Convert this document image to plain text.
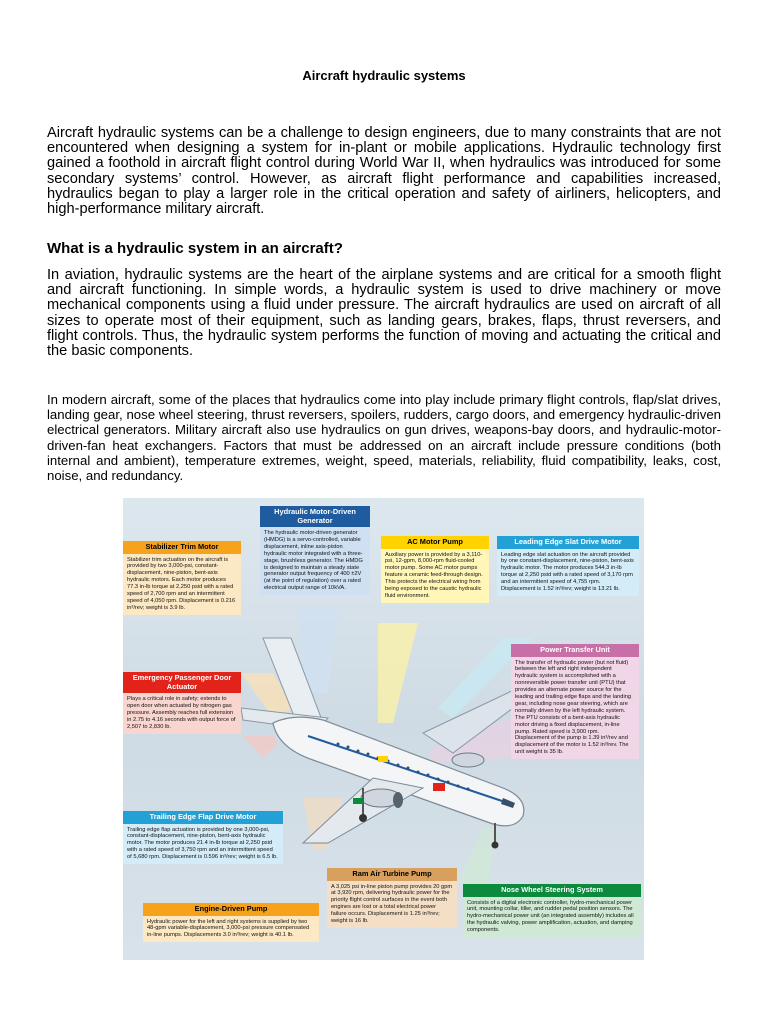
Aircraft hydraulic systems

Aircraft hydraulic systems can be a challenge to design engineers, due to many constraints that are not encountered when designing a system for in-plant or mobile applications. Hydraulic technology first gained a foothold in aircraft flight control during World War II, when hydraulics was introduced for some secondary systems’ control. However, as aircraft flight performance and capabilities increased, hydraulics began to play a larger role in the critical operation and safety of airliners, helicopters, and high-performance military aircraft.

What is a hydraulic system in an aircraft?

In aviation, hydraulic systems are the heart of the airplane systems and are critical for a smooth flight and aircraft functioning. In simple words, a hydraulic system is used to drive machinery or move mechanical components using a fluid under pressure. The aircraft hydraulics are used on aircraft of all sizes to operate most of their equipment, such as landing gears, brakes, flaps, thrust reversers, and flight controls. Thus, the hydraulic system performs the function of moving and actuating the critical and the basic components.

In modern aircraft, some of the places that hydraulics come into play include primary flight controls, flap/slat drives, landing gear, nose wheel steering, thrust reversers, spoilers, rudders, cargo doors, and emergency hydraulic-driven electrical generators. Military aircraft also use hydraulics on gun drives, weapons-bay doors, and hydraulic-motor-driven-fan heat exchangers. Factors that must be addressed on an aircraft include pressure conditions (both internal and ambient), temperature extremes, weight, speed, materials, reliability, fluid compatibility, leaks, cost, noise, and redundancy.

Stabilizer Trim Motor
Stabilizer trim actuation on the aircraft is provided by two 3,000-psi, constant-displacement, nine-piston, bent-axis hydraulic motors. Each motor produces 77.3 in-lb torque at 2,250 psid with a rated speed of 2,700 rpm and an intermittent speed of 4,050 rpm. Displacement is 0.216 in³/rev; weight is 3.9 lb.
Hydraulic Motor-Driven Generator
The hydraulic motor-driven generator (HMDG) is a servo-controlled, variable displacement, inline axis-piston hydraulic motor integrated with a three-stage, brushless generator. The HMDG is designed to maintain a steady state generator output frequency of 400 ±2V (at the point of regulation) over a rated electrical output range of 10kVA.
AC Motor Pump
Auxiliary power is provided by a 3,110-psi, 12-gpm, 8,000-rpm fluid-cooled motor pump. Some AC motor pumps feature a ceramic feed-through design. This protects the electrical wiring from being exposed to the caustic hydraulic fluid environment.
Leading Edge Slat Drive Motor
Leading edge slat actuation on the aircraft provided by one constant-displacement, nine-piston, bent-axis hydraulic motor. The motor produces 544.3 in-lb torque at 2,250 psid with a rated speed of 3,170 rpm and an intermittent speed of 4,755 rpm. Displacement is 1.52 in³/rev; weight is 13.21 lb.
Emergency Passenger Door Actuator
Plays a critical role in safety; extends to open door when actuated by nitrogen gas pressure. Assembly reaches full extension in 2.75 to 4.16 seconds with output force of 2,507 to 2,830 lb.
Power Transfer Unit
The transfer of hydraulic power (but not fluid) between the left and right independent hydraulic system is accomplished with a nonreversible power transfer unit (PTU) that provides an alternate power source for the leading and trailing edge flaps and the landing gear, including nose gear steering, which are normally driven by the left hydraulic system. The PTU consists of a bent-axis hydraulic motor driving a fixed displacement, in-line pump. Rated speed is 3,900 rpm. Displacement of the pump is 1.39 in³/rev and displacement of the motor is 1.52 in³/rev. The unit weight is 35 lb.
Trailing Edge Flap Drive Motor
Trailing edge flap actuation is provided by one 3,000-psi, constant-displacement, nine-piston, bent-axis hydraulic motor. The motor produces 21.4 in-lb torque at 2,250 psid with a rated speed of 3,750 rpm and an intermittent speed of 5,680 rpm. Displacement is 0.596 in³/rev; weight is 6.5 lb.
Ram Air Turbine Pump
A 3,025 psi in-line piston pump provides 20 gpm at 3,920 rpm, delivering hydraulic power for the priority flight control surfaces in the event both engines are lost or a total electrical power failure occurs. Displacement is 1.25 in³/rev; weight is 16 lb.
Engine-Driven Pump
Hydraulic power for the left and right systems is supplied by two 48-gpm variable-displacement, 3,000-psi pressure compensated in-line pumps. Displacements 3.0 in³/rev; weight is 40.1 lb.
Nose Wheel Steering System
Consists of a digital electronic controller, hydro-mechanical power unit, mounting collar, tiller, and rudder pedal position sensors. The hydro-mechanical power unit (an integrated assembly) includes all the hydraulic valving, power amplification, actuation, and damping components.
